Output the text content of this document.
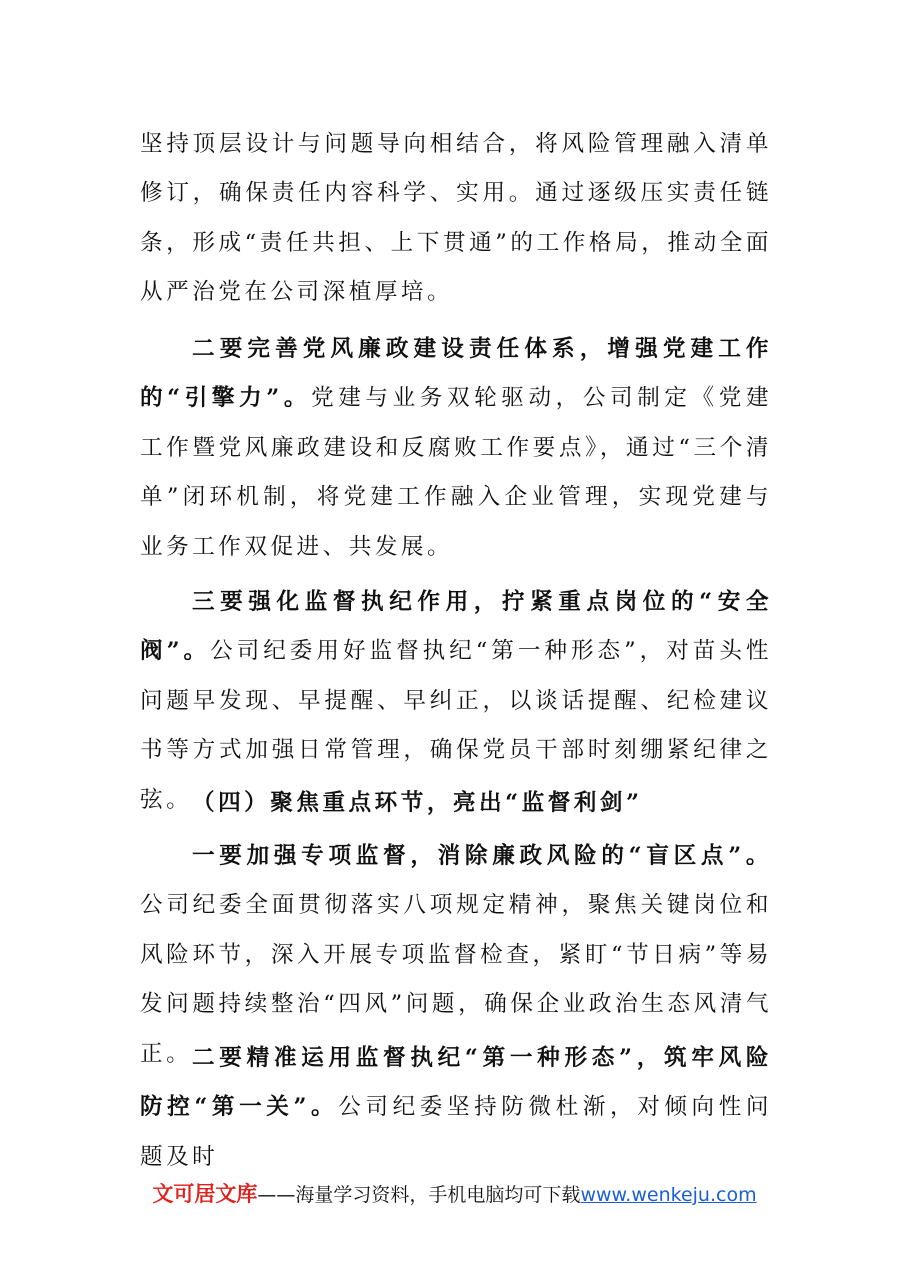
坚持顶层设计与问题导向相结合，将风险管理融入清单修订，确保责任内容科学、实用。通过逐级压实责任链条，形成“责任共担、上下贯通”的工作格局，推动全面从严治党在公司深植厚培。

二要完善党风廉政建设责任体系，增强党建工作的“引擎力”。党建与业务双轮驱动，公司制定《党建工作暨党风廉政建设和反腐败工作要点》，通过“三个清单”闭环机制，将党建工作融入企业管理，实现党建与业务工作双促进、共发展。

三要强化监督执纪作用，拧紧重点岗位的“安全阀”。公司纪委用好监督执纪“第一种形态”，对苗头性问题早发现、早提醒、早纠正，以谈话提醒、纪检建议书等方式加强日常管理，确保党员干部时刻绷紧纪律之弦。 （四）聚焦重点环节，亮出“监督利剑”

一要加强专项监督，消除廉政风险的“盲区点”。公司纪委全面贯彻落实八项规定精神，聚焦关键岗位和风险环节，深入开展专项监督检查，紧盯“节日病”等易发问题持续整治“四风”问题，确保企业政治生态风清气正。 二要精准运用监督执纪“第一种形态”，筑牢风险防控“第一关”。公司纪委坚持防微杜渐，对倾向性问题及时

文可居文库——海量学习资料，手机电脑均可下载www.wenkeju.com
